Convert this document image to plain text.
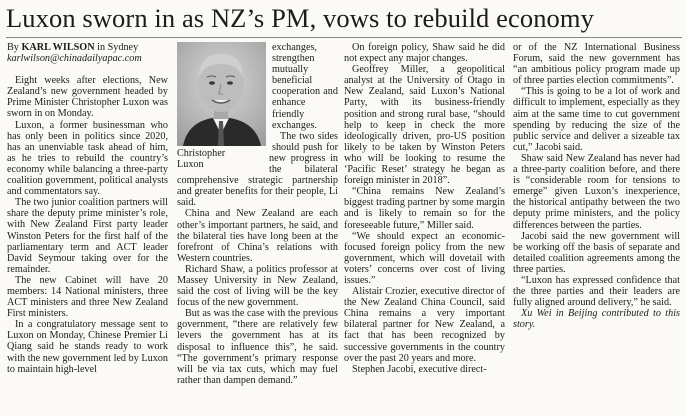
Luxon sworn in as NZ’s PM, vows to rebuild economy

By KARL WILSON in Sydney

karlwilson@chinadailyapac.com

Eight weeks after elections, New Zealand’s new government headed by Prime Minister Christopher Luxon was sworn in on Monday.

Luxon, a former businessman who has only been in politics since 2020, has an unenviable task ahead of him, as he tries to rebuild the country’s economy while balancing a three-party coalition government, political analysts and commentators say.

The two junior coalition partners will share the deputy prime minister’s role, with New Zealand First party leader Winston Peters for the first half of the parliamentary term and ACT leader David Seymour taking over for the remainder.

The new Cabinet will have 20 members: 14 National ministers, three ACT ministers and three New Zealand First ministers.

In a congratulatory message sent to Luxon on Monday, Chinese Premier Li Qiang said he stands ready to work with the new government led by Luxon to maintain high-level

Christopher
Luxon

exchanges, strengthen mutually beneficial cooperation and enhance friendly exchanges.

The two sides should push for new progress in the bilateral comprehensive strategic partnership and greater benefits for their people, Li said.

China and New Zealand are each other’s important partners, he said, and the bilateral ties have long been at the forefront of China’s relations with Western countries.

Richard Shaw, a politics professor at Massey University in New Zealand, said the cost of living will be the key focus of the new government.

But as was the case with the previous government, “there are relatively few levers the government has at its disposal to influence this”, he said. “The government’s primary response will be via tax cuts, which may fuel rather than dampen demand.”

On foreign policy, Shaw said he did not expect any major changes.

Geoffrey Miller, a geopolitical analyst at the University of Otago in New Zealand, said Luxon’s National Party, with its business-friendly position and strong rural base, “should help to keep in check the more ideologically driven, pro-US position likely to be taken by Winston Peters who will be looking to resume the ‘Pacific Reset’ strategy he began as foreign minister in 2018”.

“China remains New Zealand’s biggest trading partner by some margin and is likely to remain so for the foreseeable future,” Miller said.

“We should expect an economic-focused foreign policy from the new government, which will dovetail with voters’ concerns over cost of living issues.”

Alistair Crozier, executive director of the New Zealand China Council, said China remains a very important bilateral partner for New Zealand, a fact that has been recognized by successive governments in the country over the past 20 years and more.

Stephen Jacobi, executive direct-

or of the NZ International Business Forum, said the new government has “an ambitious policy program made up of three parties election commitments”.

“This is going to be a lot of work and difficult to implement, especially as they aim at the same time to cut government spending by reducing the size of the public service and deliver a sizeable tax cut,” Jacobi said.

Shaw said New Zealand has never had a three-party coalition before, and there is “considerable room for tensions to emerge” given Luxon’s inexperience, the historical antipathy between the two deputy prime ministers, and the policy differences between the parties.

Jacobi said the new government will be working off the basis of separate and detailed coalition agreements among the three parties.

“Luxon has expressed confidence that the three parties and their leaders are fully aligned around delivery,” he said.

Xu Wei in Beijing contributed to this story.
